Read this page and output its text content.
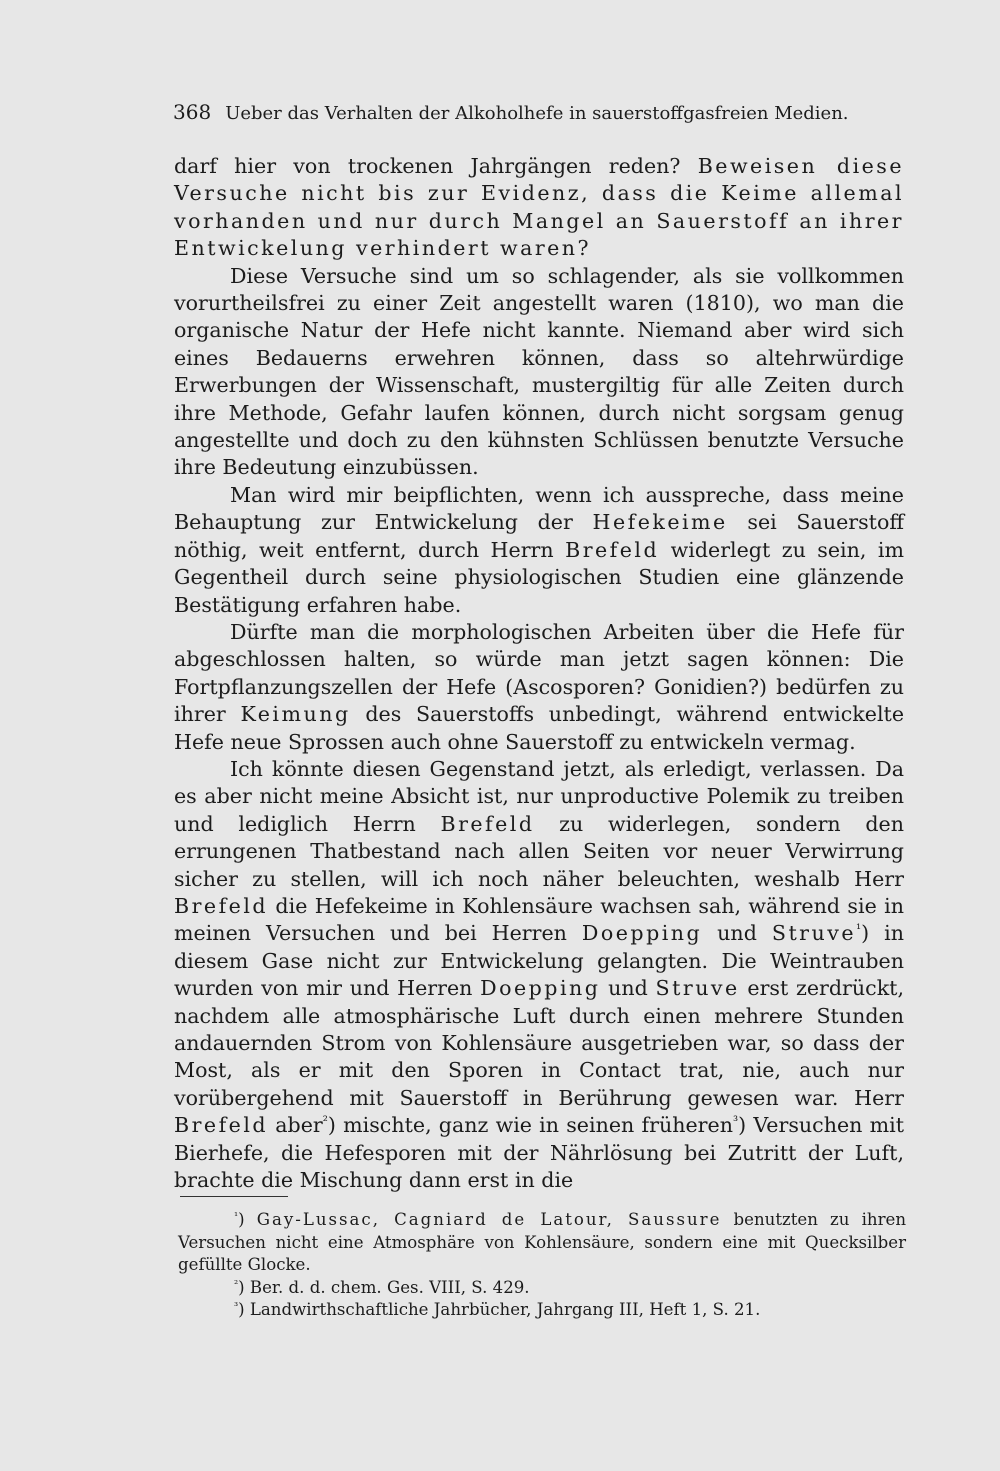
368 Ueber das Verhalten der Alkoholhefe in sauerstoffgasfreien Medien.

darf hier von trockenen Jahrgängen reden? Beweisen diese Versuche nicht bis zur Evidenz, dass die Keime allemal vorhanden und nur durch Mangel an Sauerstoff an ihrer Entwickelung verhindert waren?

Diese Versuche sind um so schlagender, als sie vollkommen vorurtheilsfrei zu einer Zeit angestellt waren (1810), wo man die organische Natur der Hefe nicht kannte. Niemand aber wird sich eines Bedauerns erwehren können, dass so altehrwürdige Erwerbungen der Wissenschaft, mustergiltig für alle Zeiten durch ihre Methode, Gefahr laufen können, durch nicht sorgsam genug angestellte und doch zu den kühnsten Schlüssen benutzte Versuche ihre Bedeutung einzubüssen.

Man wird mir beipflichten, wenn ich ausspreche, dass meine Behauptung zur Entwickelung der Hefekeime sei Sauerstoff nöthig, weit entfernt, durch Herrn Brefeld widerlegt zu sein, im Gegentheil durch seine physiologischen Studien eine glänzende Bestätigung erfahren habe.

Dürfte man die morphologischen Arbeiten über die Hefe für abgeschlossen halten, so würde man jetzt sagen können: Die Fortpflanzungszellen der Hefe (Ascosporen? Gonidien?) bedürfen zu ihrer Keimung des Sauerstoffs unbedingt, während entwickelte Hefe neue Sprossen auch ohne Sauerstoff zu entwickeln vermag.

Ich könnte diesen Gegenstand jetzt, als erledigt, verlassen. Da es aber nicht meine Absicht ist, nur unproductive Polemik zu treiben und lediglich Herrn Brefeld zu widerlegen, sondern den errungenen Thatbestand nach allen Seiten vor neuer Verwirrung sicher zu stellen, will ich noch näher beleuchten, weshalb Herr Brefeld die Hefekeime in Kohlensäure wachsen sah, während sie in meinen Versuchen und bei Herren Doepping und Struve$^{^1}$) in diesem Gase nicht zur Entwickelung gelangten. Die Weintrauben wurden von mir und Herren Doepping und Struve erst zerdrückt, nachdem alle atmosphärische Luft durch einen mehrere Stunden andauernden Strom von Kohlensäure ausgetrieben war, so dass der Most, als er mit den Sporen in Contact trat, nie, auch nur vorübergehend mit Sauerstoff in Berührung gewesen war. Herr Brefeld aber$^{^2}$) mischte, ganz wie in seinen früheren$^{^3}$) Versuchen mit Bierhefe, die Hefesporen mit der Nährlösung bei Zutritt der Luft, brachte die Mischung dann erst in die

$^{^1}$) Gay-Lussac, Cagniard de Latour, Saussure benutzten zu ihren Versuchen nicht eine Atmosphäre von Kohlensäure, sondern eine mit Quecksilber gefüllte Glocke.

$^{^2}$) Ber. d. d. chem. Ges. VIII, S. 429.

$^{^3}$) Landwirthschaftliche Jahrbücher, Jahrgang III, Heft 1, S. 21.
